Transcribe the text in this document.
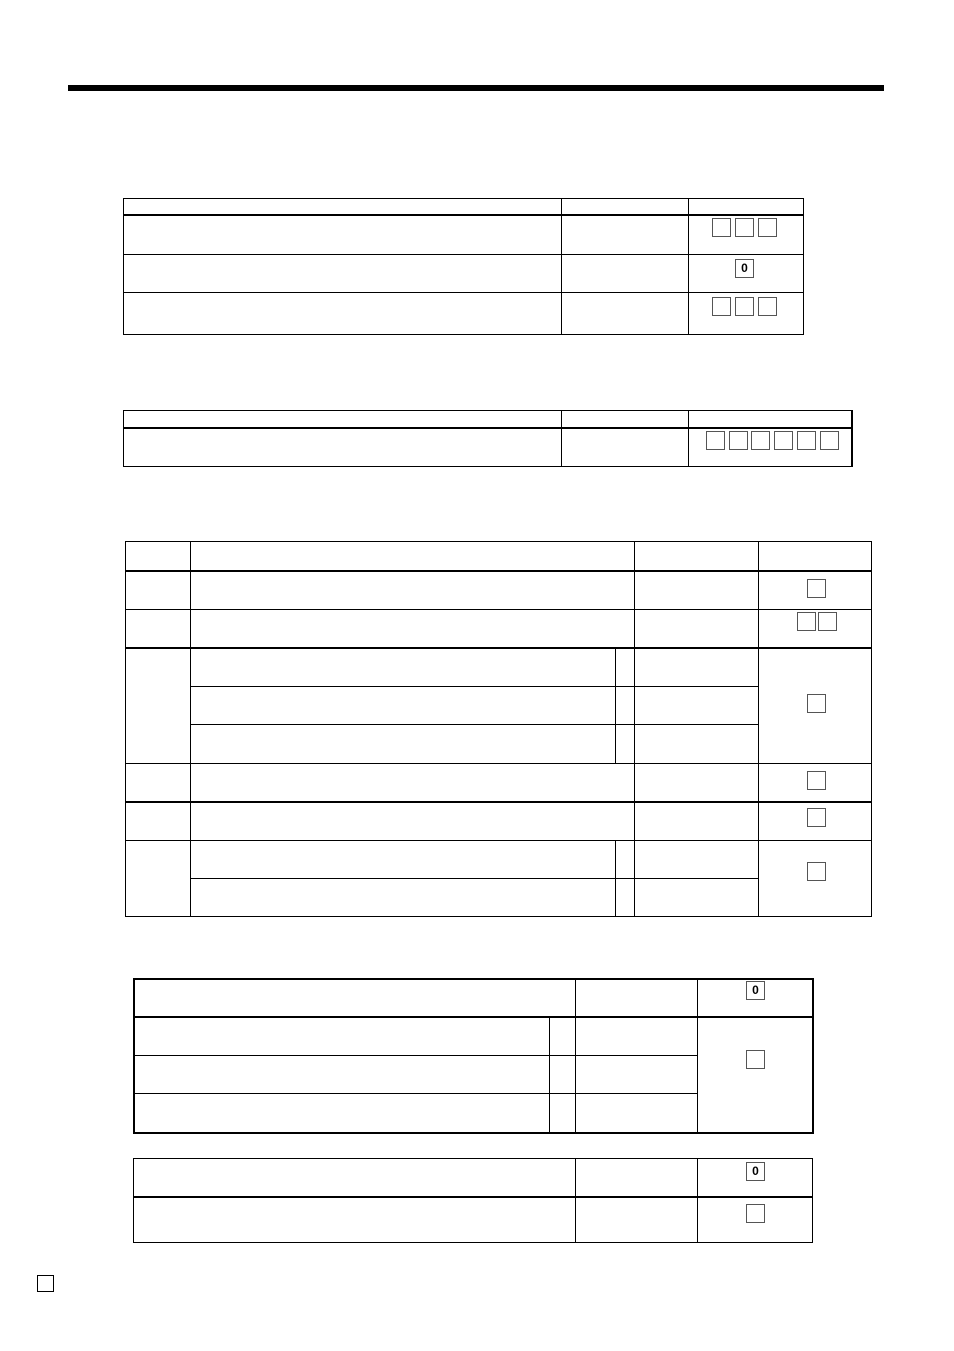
0
0
0
